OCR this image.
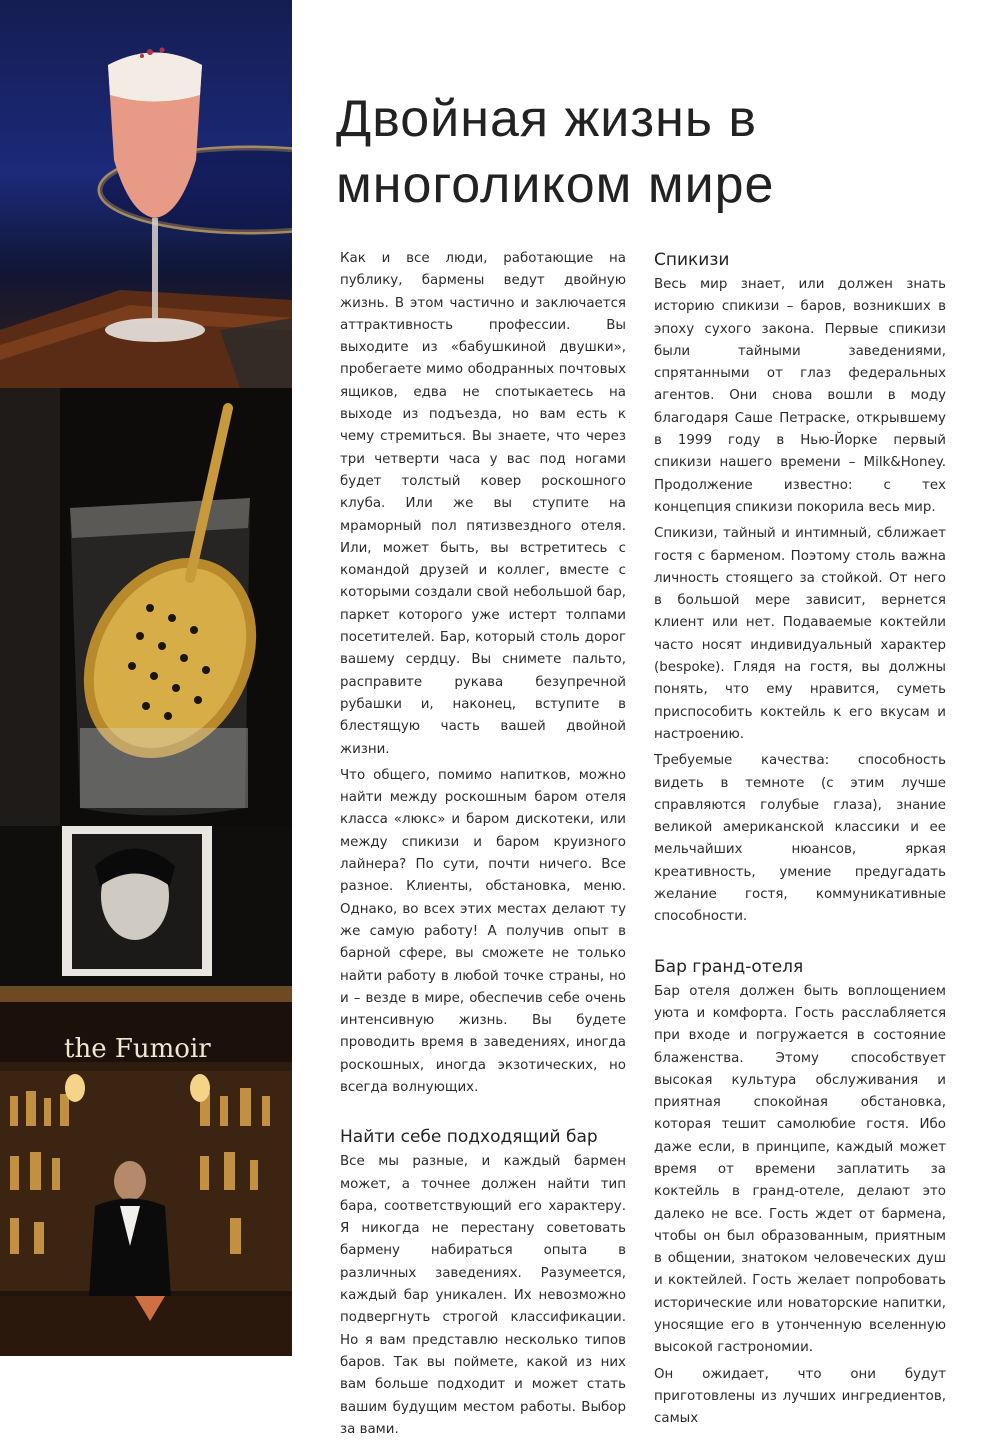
the Fumoir
Двойная жизнь в
многоликом мире

Как и все люди, работающие на публику, бармены ведут двойную жизнь. В этом частично и заключается аттрактивность профессии. Вы выходите из «бабушкиной двушки», пробегаете мимо ободранных почтовых ящиков, едва не спотыкаетесь на выходе из подъезда, но вам есть к чему стремиться. Вы знаете, что через три четверти часа у вас под ногами будет толстый ковер роскошного клуба. Или же вы ступите на мраморный пол пятизвездного отеля. Или, может быть, вы встретитесь с командой друзей и коллег, вместе с которыми создали свой небольшой бар, паркет которого уже истерт толпами посетителей. Бар, который столь дорог вашему сердцу. Вы снимете пальто, расправите рукава безупречной рубашки и, наконец, вступите в блестящую часть вашей двойной жизни.

Что общего, помимо напитков, можно найти между роскошным баром отеля класса «люкс» и баром дискотеки, или между спикизи и баром круизного лайнера? По сути, почти ничего. Все разное. Клиенты, обстановка, меню. Однако, во всех этих местах делают ту же самую работу! А получив опыт в барной сфере, вы сможете не только найти работу в любой точке страны, но и – везде в мире, обеспечив себе очень интенсивную жизнь. Вы будете проводить время в заведениях, иногда роскошных, иногда экзотических, но всегда волнующих.

Найти себе подходящий бар

Все мы разные, и каждый бармен может, а точнее должен найти тип бара, соответствующий его характеру. Я никогда не перестану советовать бармену набираться опыта в различных заведениях. Разумеется, каждый бар уникален. Их невозможно подвергнуть строгой классификации. Но я вам представлю несколько типов баров. Так вы поймете, какой из них вам больше подходит и может стать вашим будущим местом работы. Выбор за вами.

Спикизи

Весь мир знает, или должен знать историю спикизи – баров, возникших в эпоху сухого закона. Первые спикизи были тайными заведениями, спрятанными от глаз федеральных агентов. Они снова вошли в моду благодаря Саше Петраске, открывшему в 1999 году в Нью-Йорке первый спикизи нашего времени – Milk&Honey. Продолжение известно: с тех концепция спикизи покорила весь мир.

Спикизи, тайный и интимный, сближает гостя с барменом. Поэтому столь важна личность стоящего за стойкой. От него в большой мере зависит, вернется клиент или нет. Подаваемые коктейли часто носят индивидуальный характер (bespoke). Глядя на гостя, вы должны понять, что ему нравится, суметь приспособить коктейль к его вкусам и настроению.

Требуемые качества: способность видеть в темноте (с этим лучше справляются голубые глаза), знание великой американской классики и ее мельчайших нюансов, яркая креативность, умение предугадать желание гостя, коммуникативные способности.

Бар гранд-отеля

Бар отеля должен быть воплощением уюта и комфорта. Гость расслабляется при входе и погружается в состояние блаженства. Этому способствует высокая культура обслуживания и приятная спокойная обстановка, которая тешит самолюбие гостя. Ибо даже если, в принципе, каждый может время от времени заплатить за коктейль в гранд-отеле, делают это далеко не все. Гость ждет от бармена, чтобы он был образованным, приятным в общении, знатоком человеческих душ и коктейлей. Гость желает попробовать исторические или новаторские напитки, уносящие его в утонченную вселенную высокой гастрономии.

Он ожидает, что они будут приготовлены из лучших ингредиентов, самых
